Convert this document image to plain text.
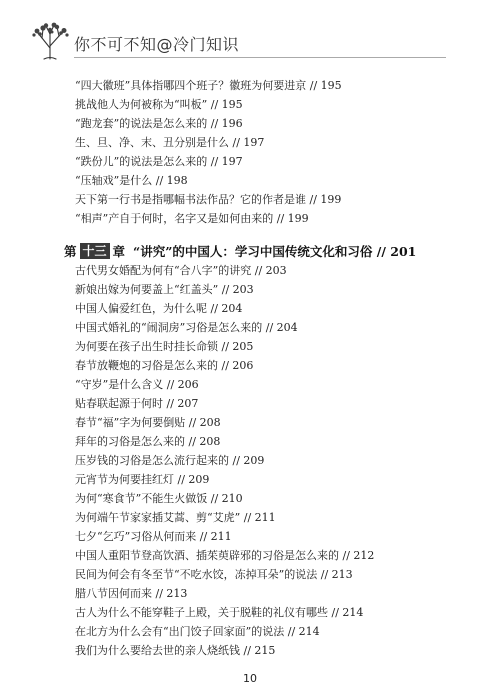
你不可不知@冷门知识
“四大徽班”具体指哪四个班子？徽班为何要进京 // 195
挑战他人为何被称为“叫板” // 195
“跑龙套”的说法是怎么来的 // 196
生、旦、净、末、丑分别是什么 // 197
“跌份儿”的说法是怎么来的 // 197
“压轴戏”是什么 // 198
天下第一行书是指哪幅书法作品？它的作者是谁 // 199
“相声”产自于何时，名字又是如何由来的 // 199
第 十三 章 “讲究”的中国人：学习中国传统文化和习俗 // 201
古代男女婚配为何有“合八字”的讲究 // 203
新娘出嫁为何要盖上“红盖头” // 203
中国人偏爱红色，为什么呢 // 204
中国式婚礼的“闹洞房”习俗是怎么来的 // 204
为何要在孩子出生时挂长命锁 // 205
春节放鞭炮的习俗是怎么来的 // 206
“守岁”是什么含义 // 206
贴春联起源于何时 // 207
春节“福”字为何要倒贴 // 208
拜年的习俗是怎么来的 // 208
压岁钱的习俗是怎么流行起来的 // 209
元宵节为何要挂红灯 // 209
为何“寒食节”不能生火做饭 // 210
为何端午节家家插艾蒿、剪“艾虎” // 211
七夕“乞巧”习俗从何而来 // 211
中国人重阳节登高饮酒、插茱萸辟邪的习俗是怎么来的 // 212
民间为何会有冬至节“不吃水饺，冻掉耳朵”的说法 // 213
腊八节因何而来 // 213
古人为什么不能穿鞋子上殿，关于脱鞋的礼仪有哪些 // 214
在北方为什么会有“出门饺子回家面”的说法 // 214
我们为什么要给去世的亲人烧纸钱 // 215
10
